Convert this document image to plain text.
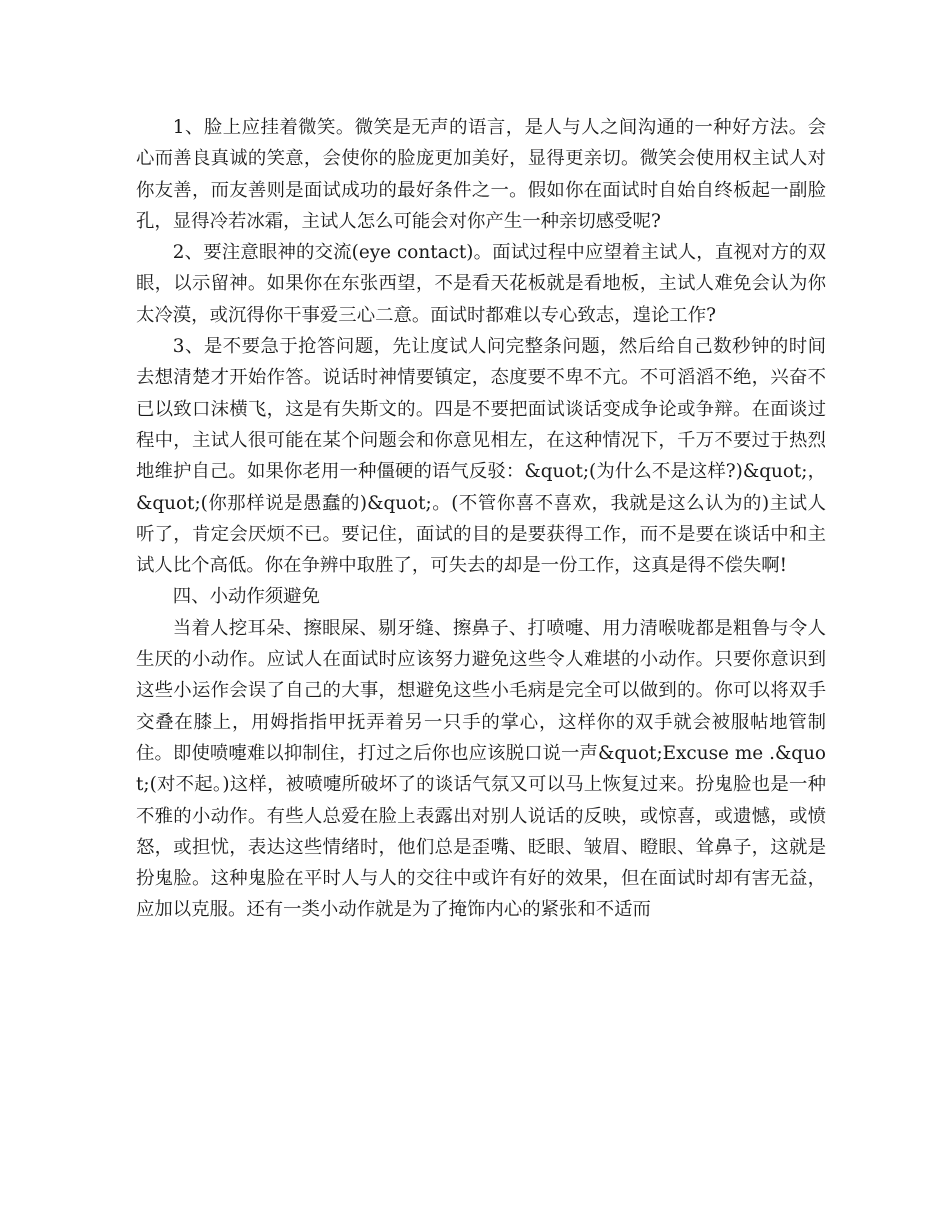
1、脸上应挂着微笑。微笑是无声的语言，是人与人之间沟通的一种好方法。会心而善良真诚的笑意，会使你的脸庞更加美好，显得更亲切。微笑会使用权主试人对你友善，而友善则是面试成功的最好条件之一。假如你在面试时自始自终板起一副脸孔，显得冷若冰霜，主试人怎么可能会对你产生一种亲切感受呢?

2、要注意眼神的交流(eye contact)。面试过程中应望着主试人，直视对方的双眼，以示留神。如果你在东张西望，不是看天花板就是看地板，主试人难免会认为你太冷漠，或沉得你干事爱三心二意。面试时都难以专心致志，遑论工作?

3、是不要急于抢答问题，先让度试人问完整条问题，然后给自己数秒钟的时间去想清楚才开始作答。说话时神情要镇定，态度要不卑不亢。不可滔滔不绝，兴奋不已以致口沫横飞，这是有失斯文的。四是不要把面试谈话变成争论或争辩。在面谈过程中，主试人很可能在某个问题会和你意见相左，在这种情况下，千万不要过于热烈地维护自己。如果你老用一种僵硬的语气反驳：&quot;(为什么不是这样?)&quot;，&quot;(你那样说是愚蠢的)&quot;。(不管你喜不喜欢，我就是这么认为的)主试人听了，肯定会厌烦不已。要记住，面试的目的是要获得工作，而不是要在谈话中和主试人比个高低。你在争辨中取胜了，可失去的却是一份工作，这真是得不偿失啊!

四、小动作须避免

当着人挖耳朵、擦眼屎、剔牙缝、擦鼻子、打喷嚏、用力清喉咙都是粗鲁与令人生厌的小动作。应试人在面试时应该努力避免这些令人难堪的小动作。只要你意识到这些小运作会误了自己的大事，想避免这些小毛病是完全可以做到的。你可以将双手交叠在膝上，用姆指指甲抚弄着另一只手的掌心，这样你的双手就会被服帖地管制住。即使喷嚏难以抑制住，打过之后你也应该脱口说一声&quot;Excuse me .&quot;(对不起。)这样，被喷嚏所破坏了的谈话气氛又可以马上恢复过来。扮鬼脸也是一种不雅的小动作。有些人总爱在脸上表露出对别人说话的反映，或惊喜，或遗憾，或愤怒，或担忧，表达这些情绪时，他们总是歪嘴、眨眼、皱眉、瞪眼、耸鼻子，这就是扮鬼脸。这种鬼脸在平时人与人的交往中或许有好的效果，但在面试时却有害无益，应加以克服。还有一类小动作就是为了掩饰内心的紧张和不适而
